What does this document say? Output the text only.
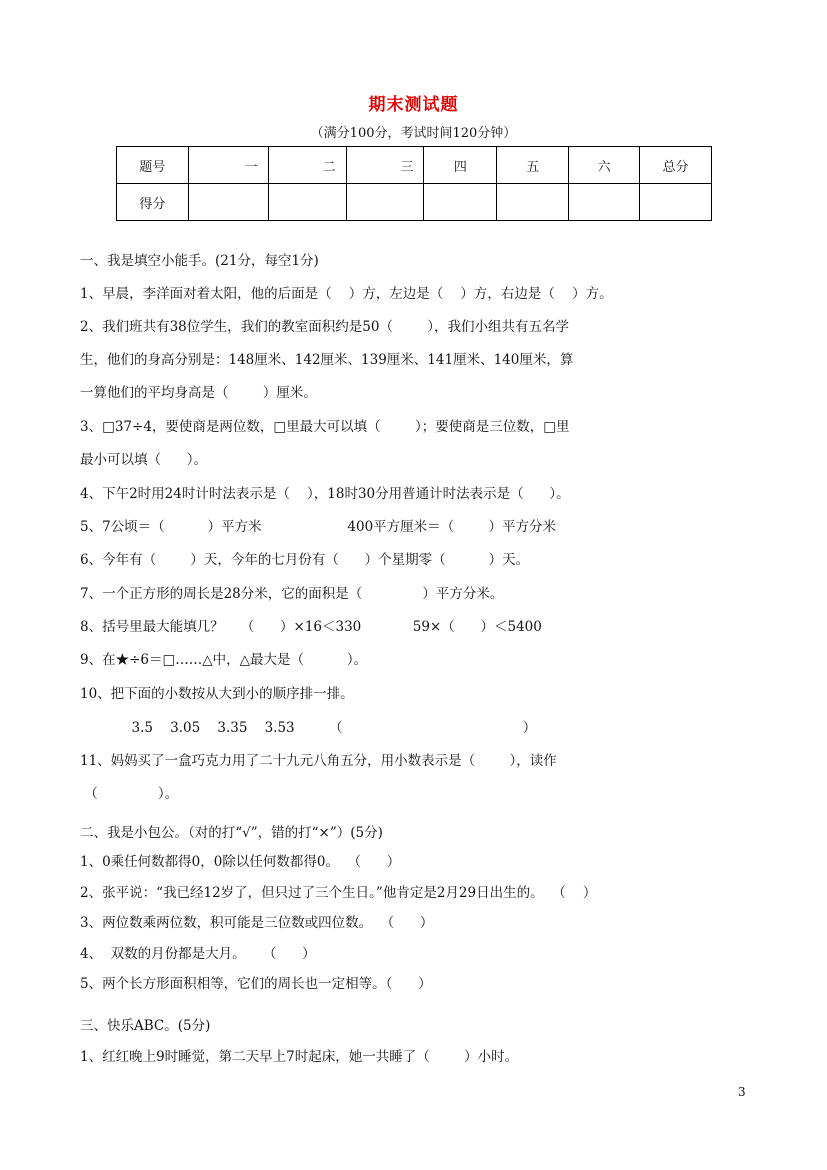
期末测试题
（满分100分，考试时间120分钟）
题号	一	二	三	四	五	六	总分
得分							
一、我是填空小能手。(21分，每空1分)
1、早晨，李洋面对着太阳，他的后面是（    ）方，左边是（    ）方，右边是（    ）方。
2、我们班共有38位学生，我们的教室面积约是50（        ），我们小组共有五名学
生，他们的身高分别是：148厘米、142厘米、139厘米、141厘米、140厘米，算
一算他们的平均身高是（        ）厘米。
3、□37÷4，要使商是两位数，□里最大可以填（        ）；要使商是三位数，□里
最小可以填（      ）。
4、下午2时用24时计时法表示是（    ），18时30分用普通计时法表示是（      ）。
5、7公顷＝（          ）平方米                    400平方厘米＝（        ）平方分米
6、今年有（        ）天，今年的七月份有（      ）个星期零（          ）天。
7、一个正方形的周长是28分米，它的面积是（              ）平方分米。
8、括号里最大能填几？    （      ）×16＜330            59×（      ）＜5400
9、在★÷6＝□……△中，△最大是（          ）。
10、把下面的小数按从大到小的顺序排一排。
3.5    3.05    3.35    3.53        （                                          ）
11、妈妈买了一盒巧克力用了二十九元八角五分，用小数表示是（        ），读作
（              ）。
二、我是小包公。（对的打“√”，错的打“×”）(5分)
1、0乘任何数都得0，0除以任何数都得0。  （      ）
2、张平说：“我已经12岁了，但只过了三个生日。”他肯定是2月29日出生的。  （    ）
3、两位数乘两位数，积可能是三位数或四位数。  （      ）
4、  双数的月份都是大月。    （      ）
5、两个长方形面积相等，它们的周长也一定相等。（      ）
三、快乐ABC。(5分)
1、红红晚上9时睡觉，第二天早上7时起床，她一共睡了（        ）小时。
3
